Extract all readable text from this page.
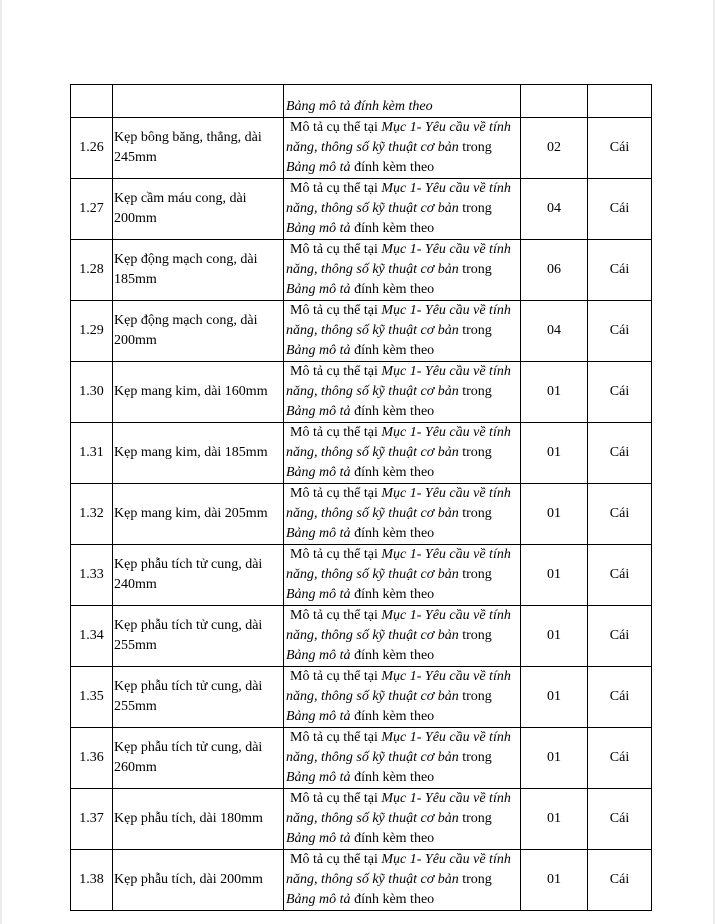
		Bảng mô tả đính kèm theo		

1.26	Kẹp bông băng, thẳng, dài 245mm	Mô tả cụ thể tại Mục 1- Yêu cầu về tính
năng, thông số kỹ thuật cơ bản trong
Bảng mô tả đính kèm theo	02	Cái
1.27	Kẹp cầm máu cong, dài 200mm	Mô tả cụ thể tại Mục 1- Yêu cầu về tính
năng, thông số kỹ thuật cơ bản trong
Bảng mô tả đính kèm theo	04	Cái
1.28	Kẹp động mạch cong, dài 185mm	Mô tả cụ thể tại Mục 1- Yêu cầu về tính
năng, thông số kỹ thuật cơ bản trong
Bảng mô tả đính kèm theo	06	Cái
1.29	Kẹp động mạch cong, dài 200mm	Mô tả cụ thể tại Mục 1- Yêu cầu về tính
năng, thông số kỹ thuật cơ bản trong
Bảng mô tả đính kèm theo	04	Cái
1.30	Kẹp mang kim, dài 160mm	Mô tả cụ thể tại Mục 1- Yêu cầu về tính
năng, thông số kỹ thuật cơ bản trong
Bảng mô tả đính kèm theo	01	Cái
1.31	Kẹp mang kim, dài 185mm	Mô tả cụ thể tại Mục 1- Yêu cầu về tính
năng, thông số kỹ thuật cơ bản trong
Bảng mô tả đính kèm theo	01	Cái
1.32	Kẹp mang kim, dài 205mm	Mô tả cụ thể tại Mục 1- Yêu cầu về tính
năng, thông số kỹ thuật cơ bản trong
Bảng mô tả đính kèm theo	01	Cái
1.33	Kẹp phẫu tích tử cung, dài 240mm	Mô tả cụ thể tại Mục 1- Yêu cầu về tính
năng, thông số kỹ thuật cơ bản trong
Bảng mô tả đính kèm theo	01	Cái
1.34	Kẹp phẫu tích tử cung, dài 255mm	Mô tả cụ thể tại Mục 1- Yêu cầu về tính
năng, thông số kỹ thuật cơ bản trong
Bảng mô tả đính kèm theo	01	Cái
1.35	Kẹp phẫu tích tử cung, dài 255mm	Mô tả cụ thể tại Mục 1- Yêu cầu về tính
năng, thông số kỹ thuật cơ bản trong
Bảng mô tả đính kèm theo	01	Cái
1.36	Kẹp phẫu tích tử cung, dài 260mm	Mô tả cụ thể tại Mục 1- Yêu cầu về tính
năng, thông số kỹ thuật cơ bản trong
Bảng mô tả đính kèm theo	01	Cái
1.37	Kẹp phẫu tích, dài 180mm	Mô tả cụ thể tại Mục 1- Yêu cầu về tính
năng, thông số kỹ thuật cơ bản trong
Bảng mô tả đính kèm theo	01	Cái
1.38	Kẹp phẫu tích, dài 200mm	Mô tả cụ thể tại Mục 1- Yêu cầu về tính
năng, thông số kỹ thuật cơ bản trong
Bảng mô tả đính kèm theo	01	Cái
